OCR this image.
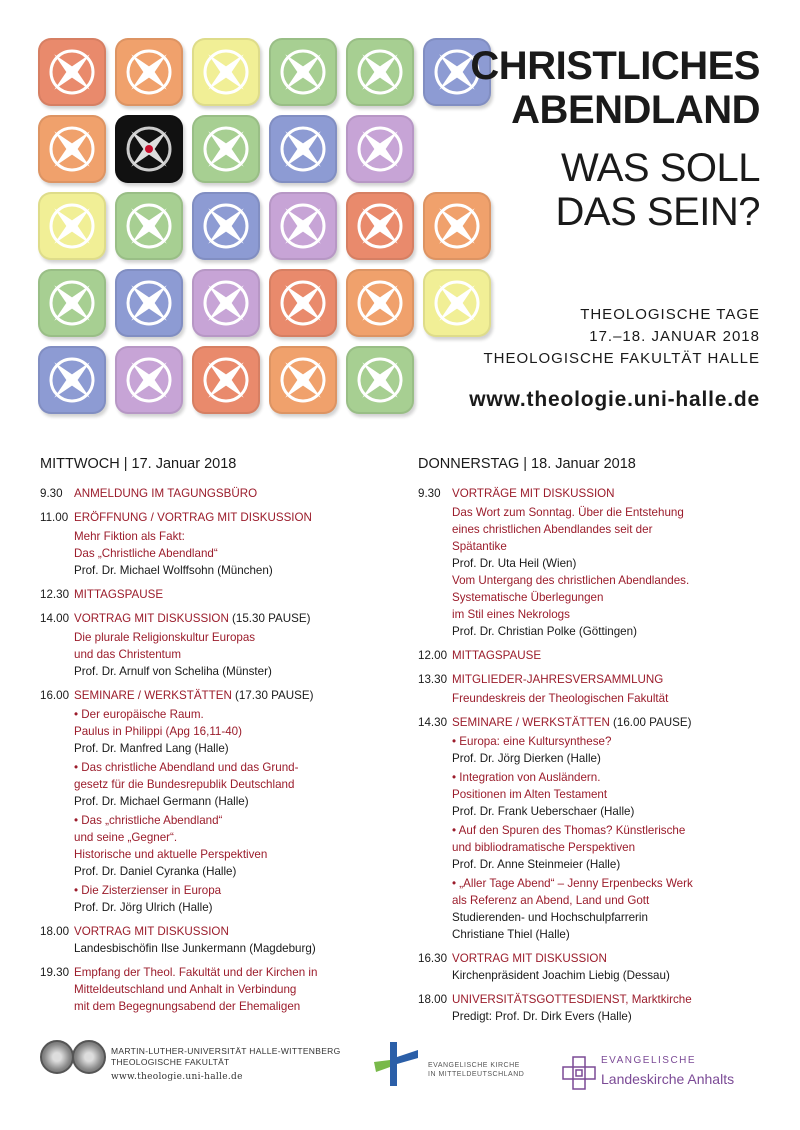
CHRISTLICHES
ABENDLAND
WAS SOLL
DAS SEIN?
THEOLOGISCHE TAGE
17.–18. JANUAR 2018
THEOLOGISCHE FAKULTÄT HALLE
www.theologie.uni-halle.de
MITTWOCH | 17. Januar 2018
9.30 ANMELDUNG IM TAGUNGSBÜRO
11.00 ERÖFFNUNG / VORTRAG MIT DISKUSSION
Mehr Fiktion als Fakt:
Das „Christliche Abendland“
Prof. Dr. Michael Wolffsohn (München)
12.30 MITTAGSPAUSE
14.00 VORTRAG MIT DISKUSSION (15.30 PAUSE)
Die plurale Religionskultur Europas
und das Christentum
Prof. Dr. Arnulf von Scheliha (Münster)
16.00 SEMINARE / WERKSTÄTTEN (17.30 PAUSE)
• Der europäische Raum.
Paulus in Philippi (Apg 16,11-40)
Prof. Dr. Manfred Lang (Halle)
• Das christliche Abendland und das Grund-
gesetz für die Bundesrepublik Deutschland
Prof. Dr. Michael Germann (Halle)
• Das „christliche Abendland“
und seine „Gegner“.
Historische und aktuelle Perspektiven
Prof. Dr. Daniel Cyranka (Halle)
• Die Zisterzienser in Europa
Prof. Dr. Jörg Ulrich (Halle)
18.00 VORTRAG MIT DISKUSSION
Landesbischöfin Ilse Junkermann (Magdeburg)
19.30 Empfang der Theol. Fakultät und der Kirchen in
Mitteldeutschland und Anhalt in Verbindung
mit dem Begegnungsabend der Ehemaligen
DONNERSTAG | 18. Januar 2018
9.30 VORTRÄGE MIT DISKUSSION
Das Wort zum Sonntag. Über die Entstehung
eines christlichen Abendlandes seit der
Spätantike
Prof. Dr. Uta Heil (Wien)
Vom Untergang des christlichen Abendlandes.
Systematische Überlegungen
im Stil eines Nekrologs
Prof. Dr. Christian Polke (Göttingen)
12.00 MITTAGSPAUSE
13.30 MITGLIEDER-JAHRESVERSAMMLUNG
Freundeskreis der Theologischen Fakultät
14.30 SEMINARE / WERKSTÄTTEN (16.00 PAUSE)
• Europa: eine Kultursynthese?
Prof. Dr. Jörg Dierken (Halle)
• Integration von Ausländern.
Positionen im Alten Testament
Prof. Dr. Frank Ueberschaer (Halle)
• Auf den Spuren des Thomas? Künstlerische
und bibliodramatische Perspektiven
Prof. Dr. Anne Steinmeier (Halle)
• „Aller Tage Abend“ – Jenny Erpenbecks Werk
als Referenz an Abend, Land und Gott
Studierenden- und Hochschulpfarrerin
Christiane Thiel (Halle)
16.30 VORTRAG MIT DISKUSSION
Kirchenpräsident Joachim Liebig (Dessau)
18.00 UNIVERSITÄTSGOTTESDIENST, Marktkirche
Predigt: Prof. Dr. Dirk Evers (Halle)
MARTIN-LUTHER-UNIVERSITÄT HALLE-WITTENBERG
THEOLOGISCHE FAKULTÄT
www.theologie.uni-halle.de
EVANGELISCHE KIRCHE
IN MITTELDEUTSCHLAND
EVANGELISCHE
Landeskirche Anhalts
